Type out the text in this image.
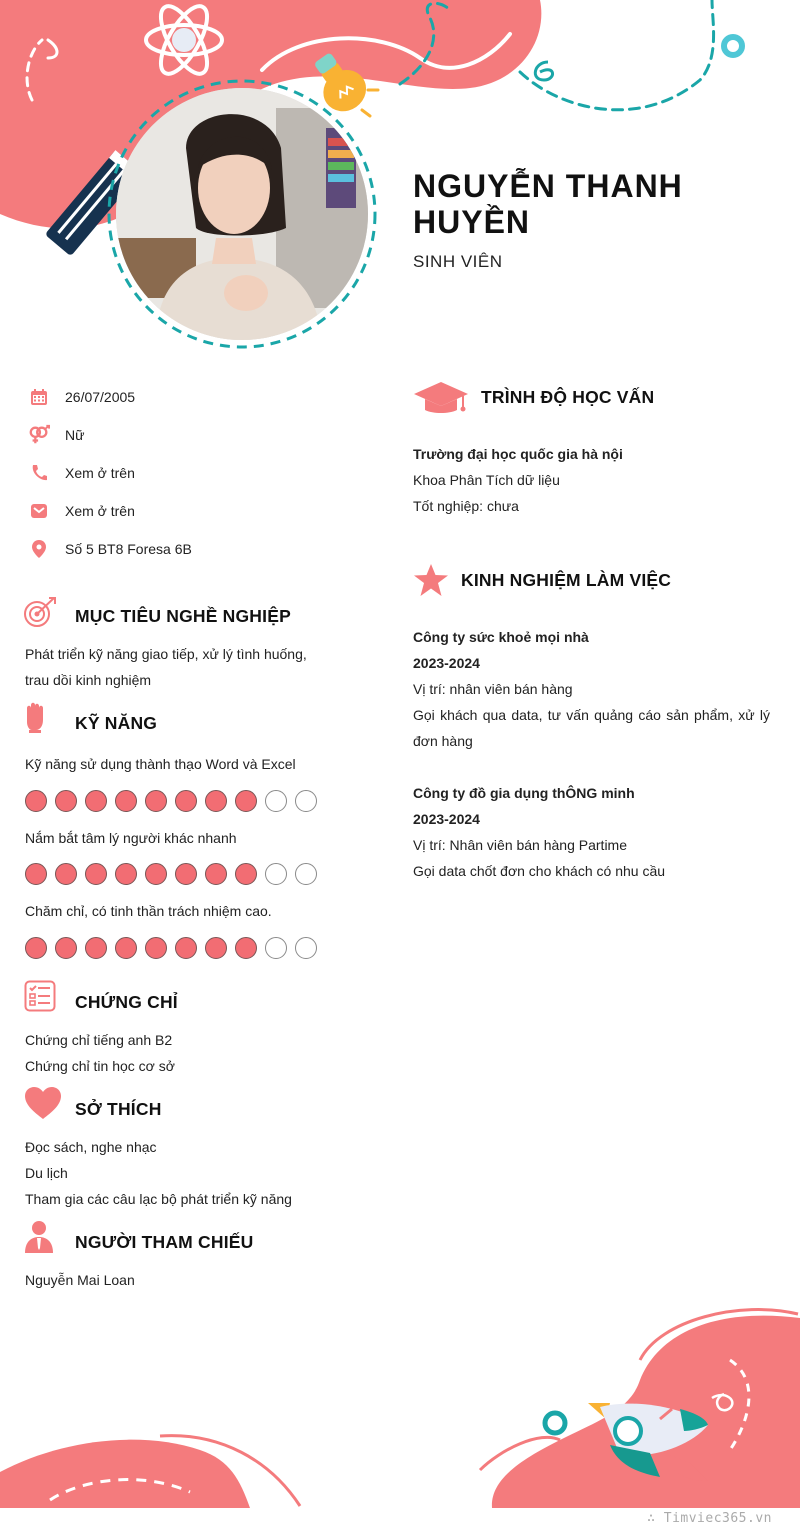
NGUYỄN THANH HUYỀN
SINH VIÊN
26/07/2005
Nữ
Xem ở trên
Xem ở trên
Số 5 BT8 Foresa 6B
MỤC TIÊU NGHỀ NGHIỆP
Phát triển kỹ năng giao tiếp, xử lý tình huống,
trau dồi kinh nghiệm
KỸ NĂNG
Kỹ năng sử dụng thành thạo Word và Excel
Nắm bắt tâm lý người khác nhanh
Chăm chỉ, có tinh thần trách nhiệm cao.
CHỨNG CHỈ
Chứng chỉ tiếng anh B2
Chứng chỉ tin học cơ sở
SỞ THÍCH
Đọc sách, nghe nhạc
Du lịch
Tham gia các câu lạc bộ phát triển kỹ năng
NGƯỜI THAM CHIẾU
Nguyễn Mai Loan
TRÌNH ĐỘ HỌC VẤN
Trường đại học quốc gia hà nội
Khoa Phân Tích dữ liệu
Tốt nghiệp: chưa
KINH NGHIỆM LÀM VIỆC
Công ty sức khoẻ mọi nhà
2023-2024
Vị trí: nhân viên bán hàng
Gọi khách qua data, tư vấn quảng cáo sản phẩm, xử lý đơn hàng
Công ty đồ gia dụng thÔNG minh
2023-2024
Vị trí: Nhân viên bán hàng Partime
Gọi data chốt đơn cho khách có nhu cầu
∴ Timviec365.vn
